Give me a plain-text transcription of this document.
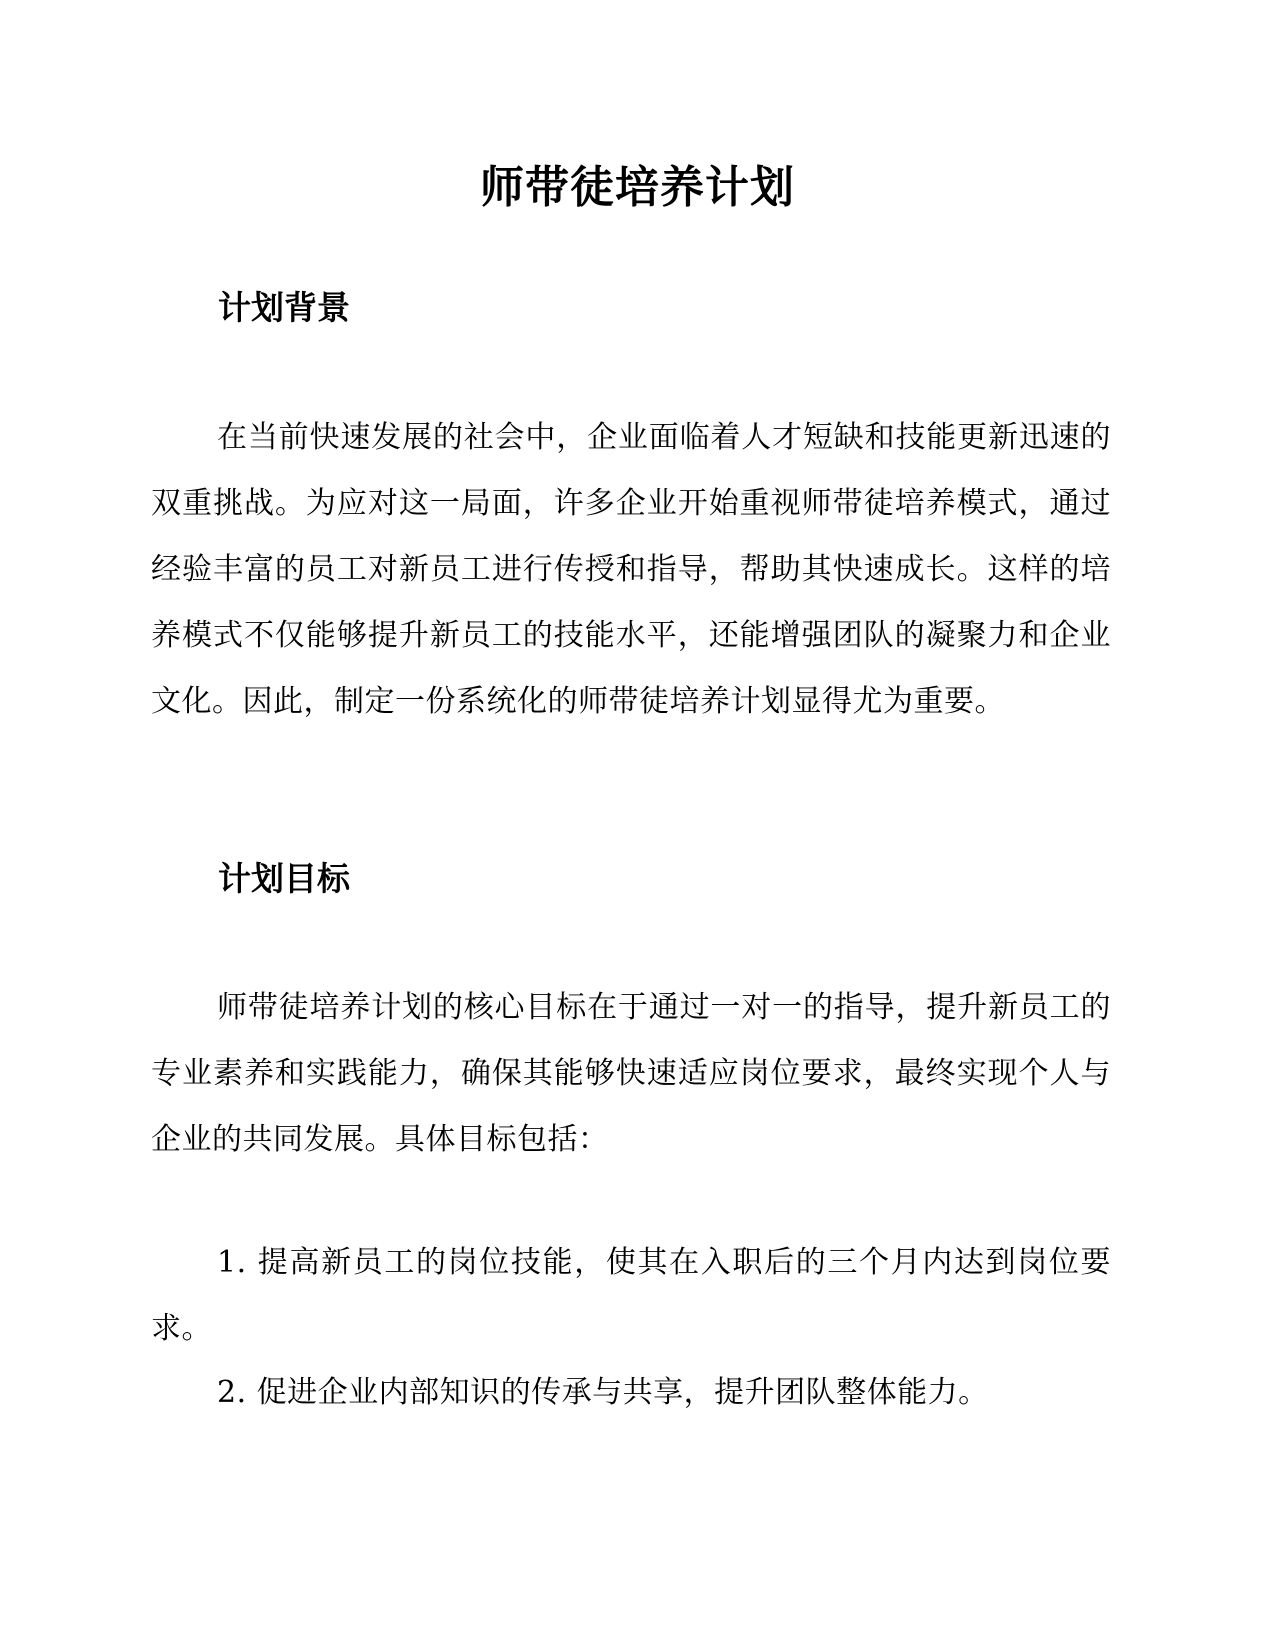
师带徒培养计划
计划背景

在当前快速发展的社会中，企业面临着人才短缺和技能更新迅速的双重挑战。为应对这一局面，许多企业开始重视师带徒培养模式，通过经验丰富的员工对新员工进行传授和指导，帮助其快速成长。这样的培养模式不仅能够提升新员工的技能水平，还能增强团队的凝聚力和企业文化。因此，制定一份系统化的师带徒培养计划显得尤为重要。

计划目标

师带徒培养计划的核心目标在于通过一对一的指导，提升新员工的专业素养和实践能力，确保其能够快速适应岗位要求，最终实现个人与企业的共同发展。具体目标包括：

1. 提高新员工的岗位技能，使其在入职后的三个月内达到岗位要求。

2. 促进企业内部知识的传承与共享，提升团队整体能力。
